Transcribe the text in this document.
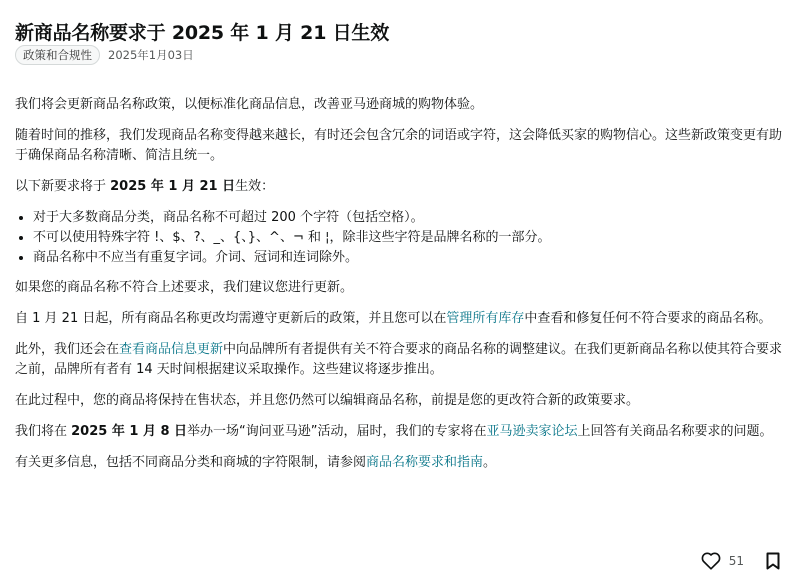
新商品名称要求于 2025 年 1 月 21 日生效
政策和合规性	2025年1月03日

我们将会更新商品名称政策，以便标准化商品信息，改善亚马逊商城的购物体验。

随着时间的推移，我们发现商品名称变得越来越长，有时还会包含冗余的词语或字符，这会降低买家的购物信心。这些新政策变更有助于确保商品名称清晰、简洁且统一。

以下新要求将于 2025 年 1 月 21 日生效：

• 对于大多数商品分类，商品名称不可超过 200 个字符（包括空格）。
• 不可以使用特殊字符 !、$、?、_、{、}、^、¬ 和 ¦，除非这些字符是品牌名称的一部分。
• 商品名称中不应当有重复字词。介词、冠词和连词除外。

如果您的商品名称不符合上述要求，我们建议您进行更新。

自 1 月 21 日起，所有商品名称更改均需遵守更新后的政策，并且您可以在管理所有库存中查看和修复任何不符合要求的商品名称。

此外，我们还会在查看商品信息更新中向品牌所有者提供有关不符合要求的商品名称的调整建议。在我们更新商品名称以使其符合要求之前，品牌所有者有 14 天时间根据建议采取操作。这些建议将逐步推出。

在此过程中，您的商品将保持在售状态，并且您仍然可以编辑商品名称，前提是您的更改符合新的政策要求。

我们将在 2025 年 1 月 8 日举办一场“询问亚马逊”活动，届时，我们的专家将在亚马逊卖家论坛上回答有关商品名称要求的问题。

有关更多信息，包括不同商品分类和商城的字符限制，请参阅商品名称要求和指南。

51
